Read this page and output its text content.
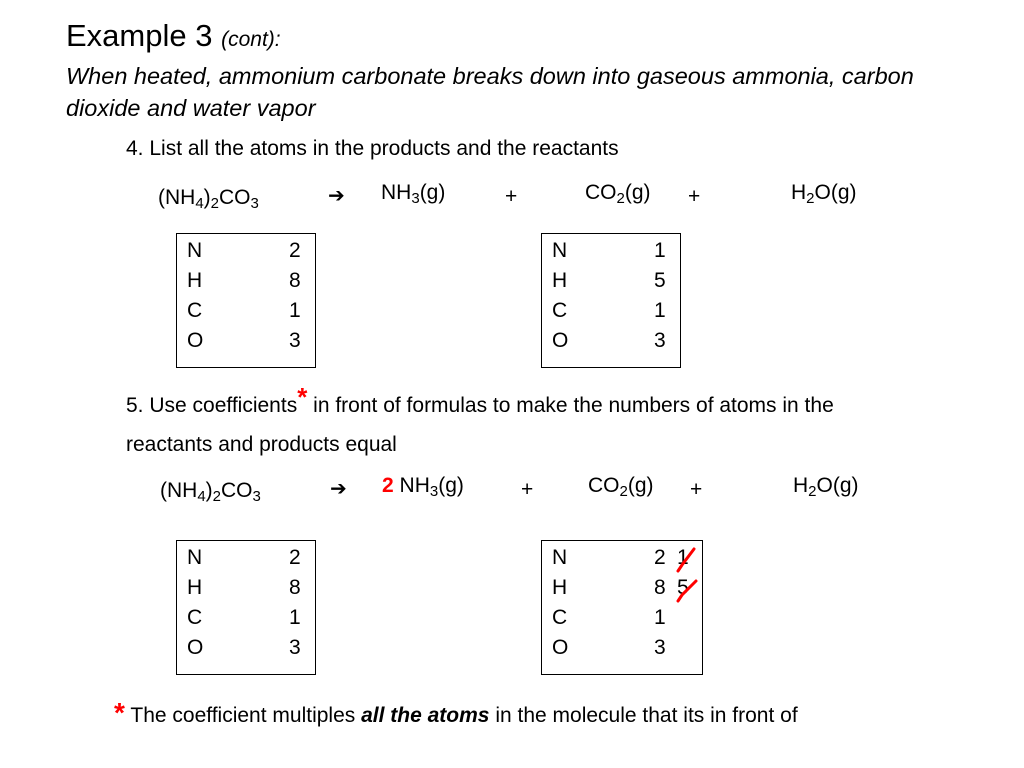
Example 3 (cont):
When heated, ammonium carbonate breaks down into gaseous ammonia, carbon dioxide and water vapor
4. List all the atoms in the products and the reactants
$(NH_4)_2CO_3$	➔ $NH_3(g)$	+	$CO_2(g)$ +	$H_2O(g)$
N	2
H	8
C	1
O	3
N	1
H	5
C	1
O	3
5. Use coefficients* in front of formulas to make the numbers of atoms in the
reactants and products equal
$(NH_4)_2CO_3$	➔ 2 $NH_3(g)$	+	$CO_2(g)$ +	$H_2O(g)$
N	2
H	8
C	1
O	3
N	2 1
H	8 5
C	1
O	3
* The coefficient multiples all the atoms in the molecule that its in front of
